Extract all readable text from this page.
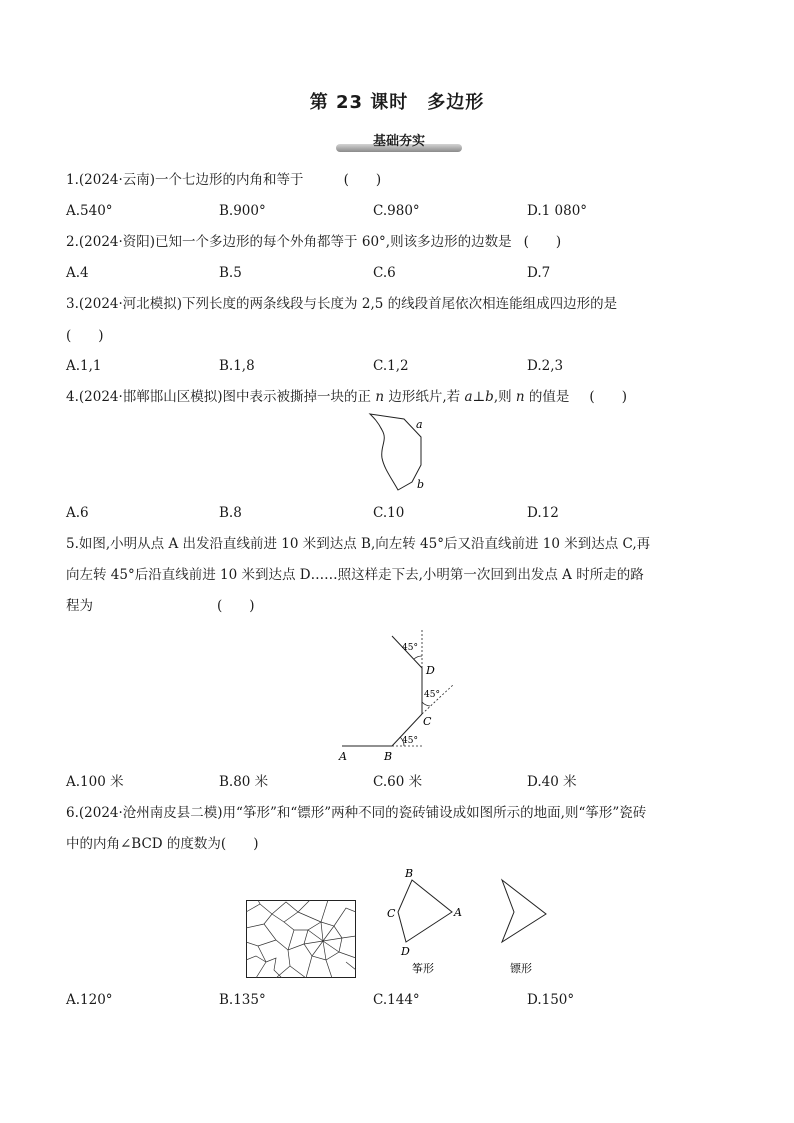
第 23 课时　多边形
基础夯实
1.(2024·云南)一个七边形的内角和等于	(　　)
A.540°	B.900°	C.980°	D.1 080°
2.(2024·资阳)已知一个多边形的每个外角都等于 60°,则该多边形的边数是 (　　)
A.4	B.5	C.6	D.7
3.(2024·河北模拟)下列长度的两条线段与长度为 2,5 的线段首尾依次相连能组成四边形的是
(　　)
A.1,1	B.1,8	C.1,2	D.2,3
4.(2024·邯郸邯山区模拟)图中表示被撕掉一块的正 n 边形纸片,若 a⊥b,则 n 的值是 (　　)
a
b
A.6	B.8	C.10	D.12
5.如图,小明从点 A 出发沿直线前进 10 米到达点 B,向左转 45°后又沿直线前进 10 米到达点 C,再
向左转 45°后沿直线前进 10 米到达点 D……照这样走下去,小明第一次回到出发点 A 时所走的路
程为	(　　)
A	B
C
D
45°
45°
45°
A.100 米	B.80 米	C.60 米	D.40 米
6.(2024·沧州南皮县二模)用“筝形”和“镖形”两种不同的瓷砖铺设成如图所示的地面,则“筝形”瓷砖
中的内角∠BCD 的度数为(　　)
B
A
C
D
筝形	镖形
A.120°	B.135°	C.144°	D.150°
